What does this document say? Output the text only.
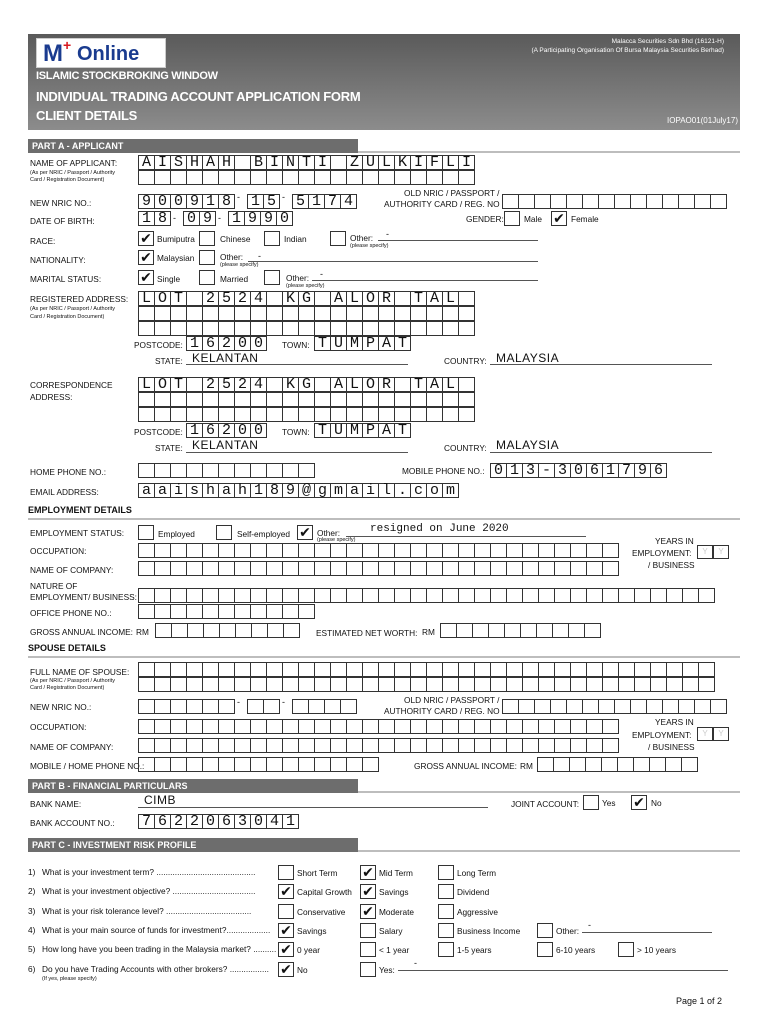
M + Online
Malacca Securities Sdn Bhd (16121-H)
(A Participating Organisation Of Bursa Malaysia Securities Berhad)
ISLAMIC STOCKBROKING WINDOW
INDIVIDUAL TRADING ACCOUNT APPLICATION FORM
CLIENT DETAILS	IOPAO01(01July17)
PART A - APPLICANT
NAME OF APPLICANT:
(As per NRIC / Passport / Authority
Card / Registration Document)
A I S H A H B I N T I Z U L K I F L I
NEW NRIC NO.:	9 0 0 9 1 8 - 1 5 - 5 1 7 4	OLD NRIC / PASSPORT /
AUTHORITY CARD / REG. NO
DATE OF BIRTH:	1 8 - 0 9 - 1 9 9 0	GENDER: Male ✔ Female
RACE:	✔ Bumiputra	Chinese	Indian	Other:
(please specify)
-
NATIONALITY:	✔ Malaysian	Other:
(please specify)
-
MARITAL STATUS:	✔ Single	Married	Other:
(please specify)
-
REGISTERED ADDRESS:
(As per NRIC / Passport / Authority
Card / Registration Document)
L O T 2 5 2 4 K G A L O R T A L
POSTCODE: 1 6 2 0 0	TOWN: T U M P A T
STATE: KELANTAN	COUNTRY: MALAYSIA
CORRESPONDENCE
ADDRESS:
L O T 2 5 2 4 K G A L O R T A L
POSTCODE: 1 6 2 0 0	TOWN: T U M P A T
STATE: KELANTAN	COUNTRY: MALAYSIA
HOME PHONE NO.:	MOBILE PHONE NO.: 0 1 3 - 3 0 6 1 7 9 6
EMAIL ADDRESS:	a a i s h a h 1 8 9 @ g m a i l . c o m
EMPLOYMENT DETAILS
EMPLOYMENT STATUS:	Employed	Self-employed ✔ Other:
(please specify)
resigned on June 2020
OCCUPATION:
NAME OF COMPANY:
YEARS IN
EMPLOYMENT:
/ BUSINESS
Y	Y
NATURE OF
EMPLOYMENT/ BUSINESS:
OFFICE PHONE NO.:
GROSS ANNUAL INCOME: RM	ESTIMATED NET WORTH: RM
SPOUSE DETAILS
FULL NAME OF SPOUSE:
(As per NRIC / Passport / Authority
Card / Registration Document)
NEW NRIC NO.:	-	-	OLD NRIC / PASSPORT /
AUTHORITY CARD / REG. NO
OCCUPATION:
NAME OF COMPANY:
YEARS IN
EMPLOYMENT:
/ BUSINESS
Y	Y
MOBILE / HOME PHONE NO.:	GROSS ANNUAL INCOME: RM
PART B - FINANCIAL PARTICULARS
BANK NAME:	CIMB	JOINT ACCOUNT:	Yes ✔ No
BANK ACCOUNT NO.: 7 6 2 2 0 6 3 0 4 1
PART C - INVESTMENT RISK PROFILE
1) What is your investment term? ...........................................	Short Term ✔ Mid Term	Long Term
2) What is your investment objective? .................................... ✔ Capital Growth ✔ Savings	Dividend
3) What is your risk tolerance level? .....................................	Conservative ✔ Moderate	Aggressive
4) What is your main source of funds for investment?................... ✔ Savings	Salary	Business Income	Other:
5) How long have you been trading in the Malaysia market? .......... ✔ 0 year	< 1 year	1-5 years	6-10 years	> 10 years
6) Do you have Trading Accounts with other brokers? ................. ✔ No	Yes:
-
-
(If yes, please specify)
Page 1 of 2
